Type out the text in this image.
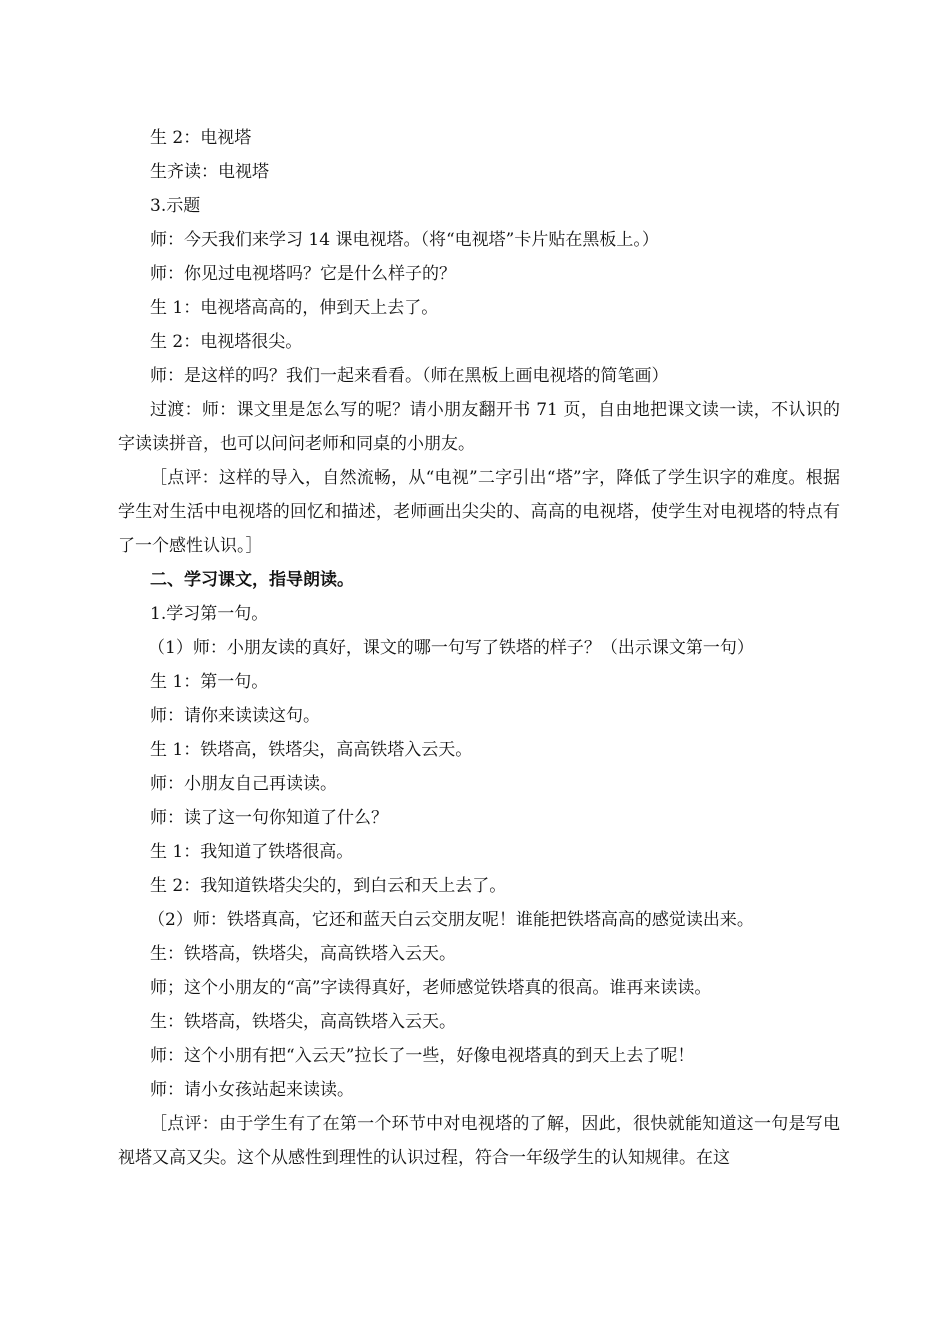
生 2：电视塔
生齐读：电视塔
3.示题
师：今天我们来学习 14 课电视塔。（将“电视塔”卡片贴在黑板上。）
师：你见过电视塔吗？它是什么样子的？
生 1：电视塔高高的，伸到天上去了。
生 2：电视塔很尖。
师：是这样的吗？我们一起来看看。（师在黑板上画电视塔的简笔画）
过渡：师：课文里是怎么写的呢？请小朋友翻开书 71 页，自由地把课文读一读，不认识的字读读拼音，也可以问问老师和同桌的小朋友。
［点评：这样的导入，自然流畅，从“电视”二字引出“塔”字，降低了学生识字的难度。根据学生对生活中电视塔的回忆和描述，老师画出尖尖的、高高的电视塔，使学生对电视塔的特点有了一个感性认识。］
二、学习课文，指导朗读。
1.学习第一句。
（1）师：小朋友读的真好，课文的哪一句写了铁塔的样子？（出示课文第一句）
生 1：第一句。
师：请你来读读这句。
生 1：铁塔高，铁塔尖，高高铁塔入云天。
师：小朋友自己再读读。
师：读了这一句你知道了什么？
生 1：我知道了铁塔很高。
生 2：我知道铁塔尖尖的，到白云和天上去了。
（2）师：铁塔真高，它还和蓝天白云交朋友呢！谁能把铁塔高高的感觉读出来。
生：铁塔高，铁塔尖，高高铁塔入云天。
师；这个小朋友的“高”字读得真好，老师感觉铁塔真的很高。谁再来读读。
生：铁塔高，铁塔尖，高高铁塔入云天。
师：这个小朋有把“入云天”拉长了一些，好像电视塔真的到天上去了呢！
师：请小女孩站起来读读。
［点评：由于学生有了在第一个环节中对电视塔的了解，因此，很快就能知道这一句是写电视塔又高又尖。这个从感性到理性的认识过程，符合一年级学生的认知规律。在这
